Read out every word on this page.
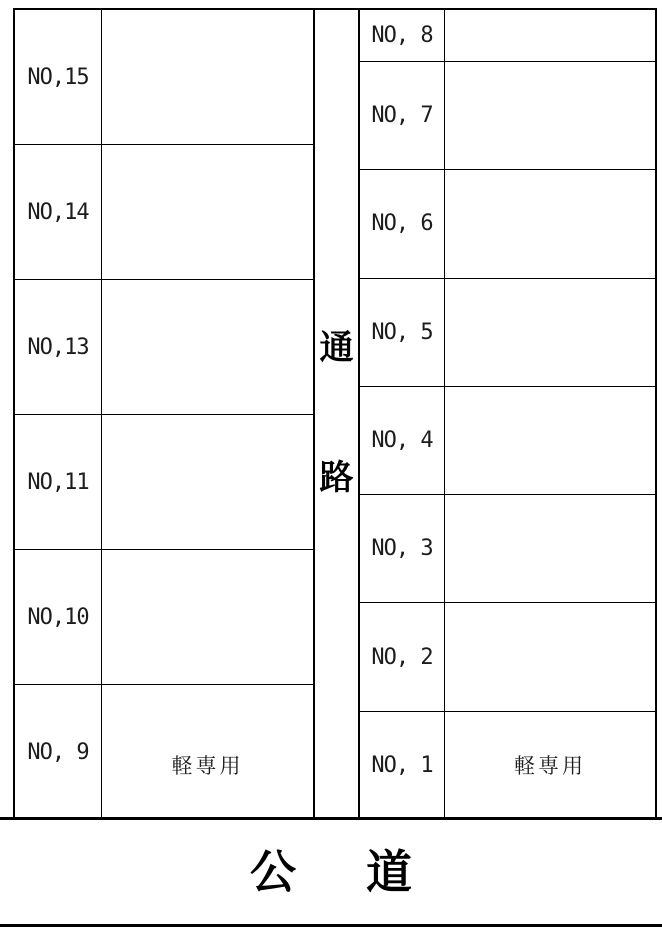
NO,15
NO,14
NO,13
NO,11
NO,10
NO, 9
軽専用
通
路
NO, 8
NO, 7
NO, 6
NO, 5
NO, 4
NO, 3
NO, 2
NO, 1	軽専用
公 道
